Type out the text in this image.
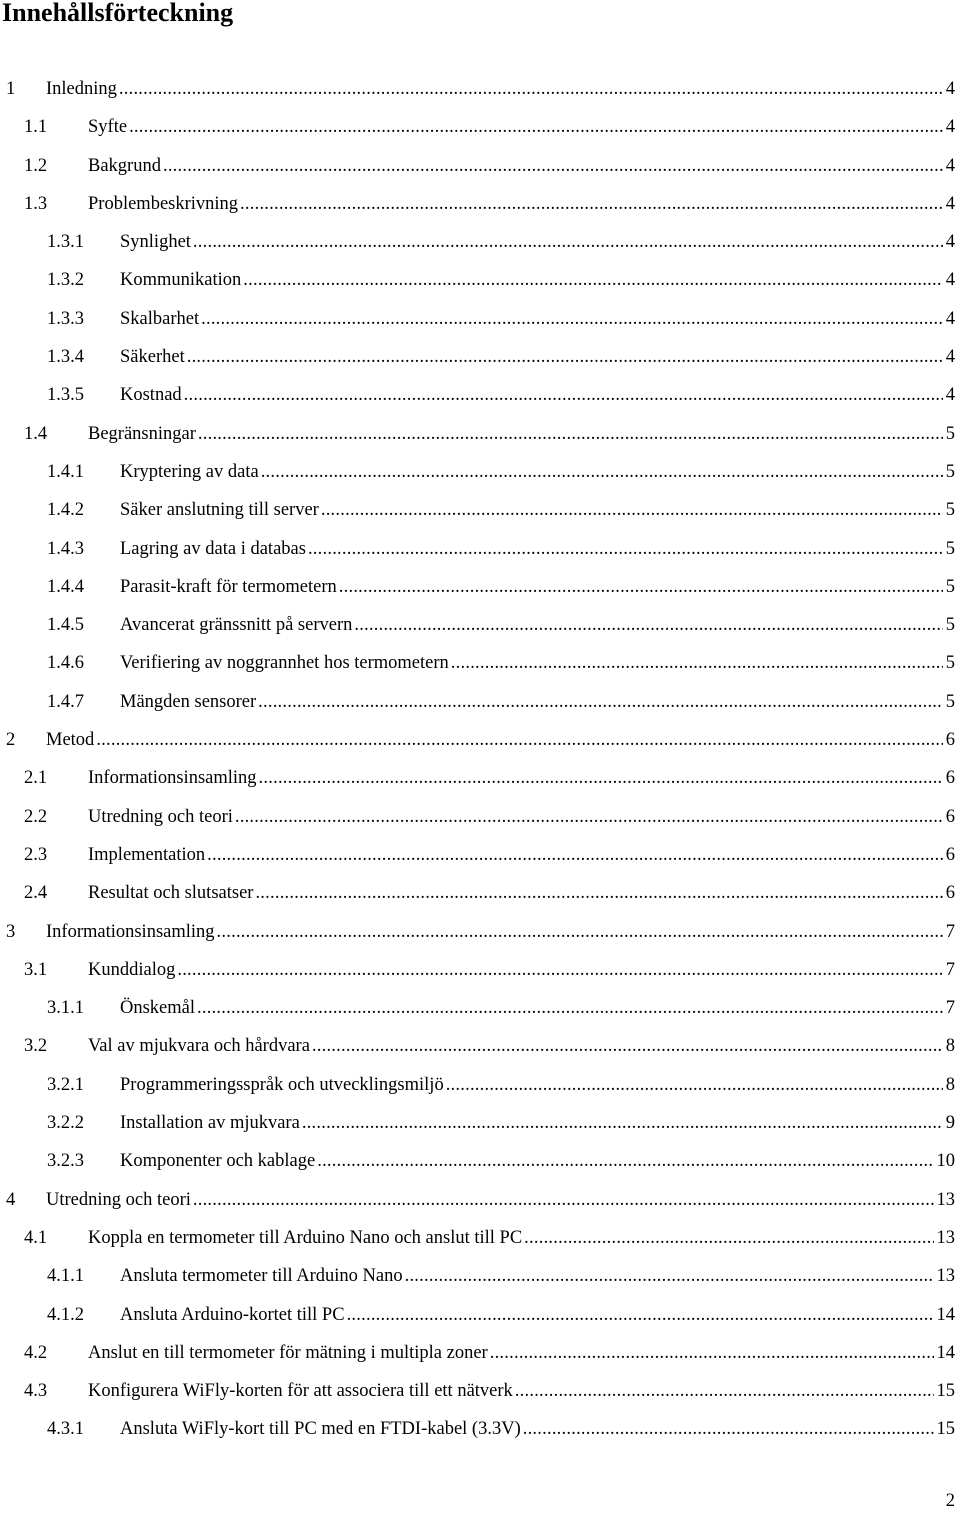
Innehållsförteckning
1 Inledning . . .	4
1.1 Syfte . . .	4
1.2 Bakgrund . . .	4
1.3 Problembeskrivning . . .	4
1.3.1 Synlighet . . .	4
1.3.2 Kommunikation . . .	4
1.3.3 Skalbarhet . . .	4
1.3.4 Säkerhet . . .	4
1.3.5 Kostnad . . .	4
1.4 Begränsningar . . .	5
1.4.1 Kryptering av data . . .	5
1.4.2 Säker anslutning till server . . .	5
1.4.3 Lagring av data i databas . . .	5
1.4.4 Parasit-kraft för termometern . . .	5
1.4.5 Avancerat gränssnitt på servern . . .	5
1.4.6 Verifiering av noggrannhet hos termometern . . .	5
1.4.7 Mängden sensorer . . .	5
2 Metod . . .	6
2.1 Informationsinsamling . . .	6
2.2 Utredning och teori . . .	6
2.3 Implementation . . .	6
2.4 Resultat och slutsatser . . .	6
3 Informationsinsamling . . .	7
3.1 Kunddialog . . .	7
3.1.1 Önskemål . . .	7
3.2 Val av mjukvara och hårdvara . . .	8
3.2.1 Programmeringsspråk och utvecklingsmiljö . . .	8
3.2.2 Installation av mjukvara . . .	9
3.2.3 Komponenter och kablage . . .	10
4 Utredning och teori . . .	13
4.1 Koppla en termometer till Arduino Nano och anslut till PC . . .	13
4.1.1 Ansluta termometer till Arduino Nano . . .	13
4.1.2 Ansluta Arduino-kortet till PC . . .	14
4.2 Anslut en till termometer för mätning i multipla zoner . . .	14
4.3 Konfigurera WiFly-korten för att associera till ett nätverk . . .	15
4.3.1 Ansluta WiFly-kort till PC med en FTDI-kabel (3.3V) . . .	15
2
